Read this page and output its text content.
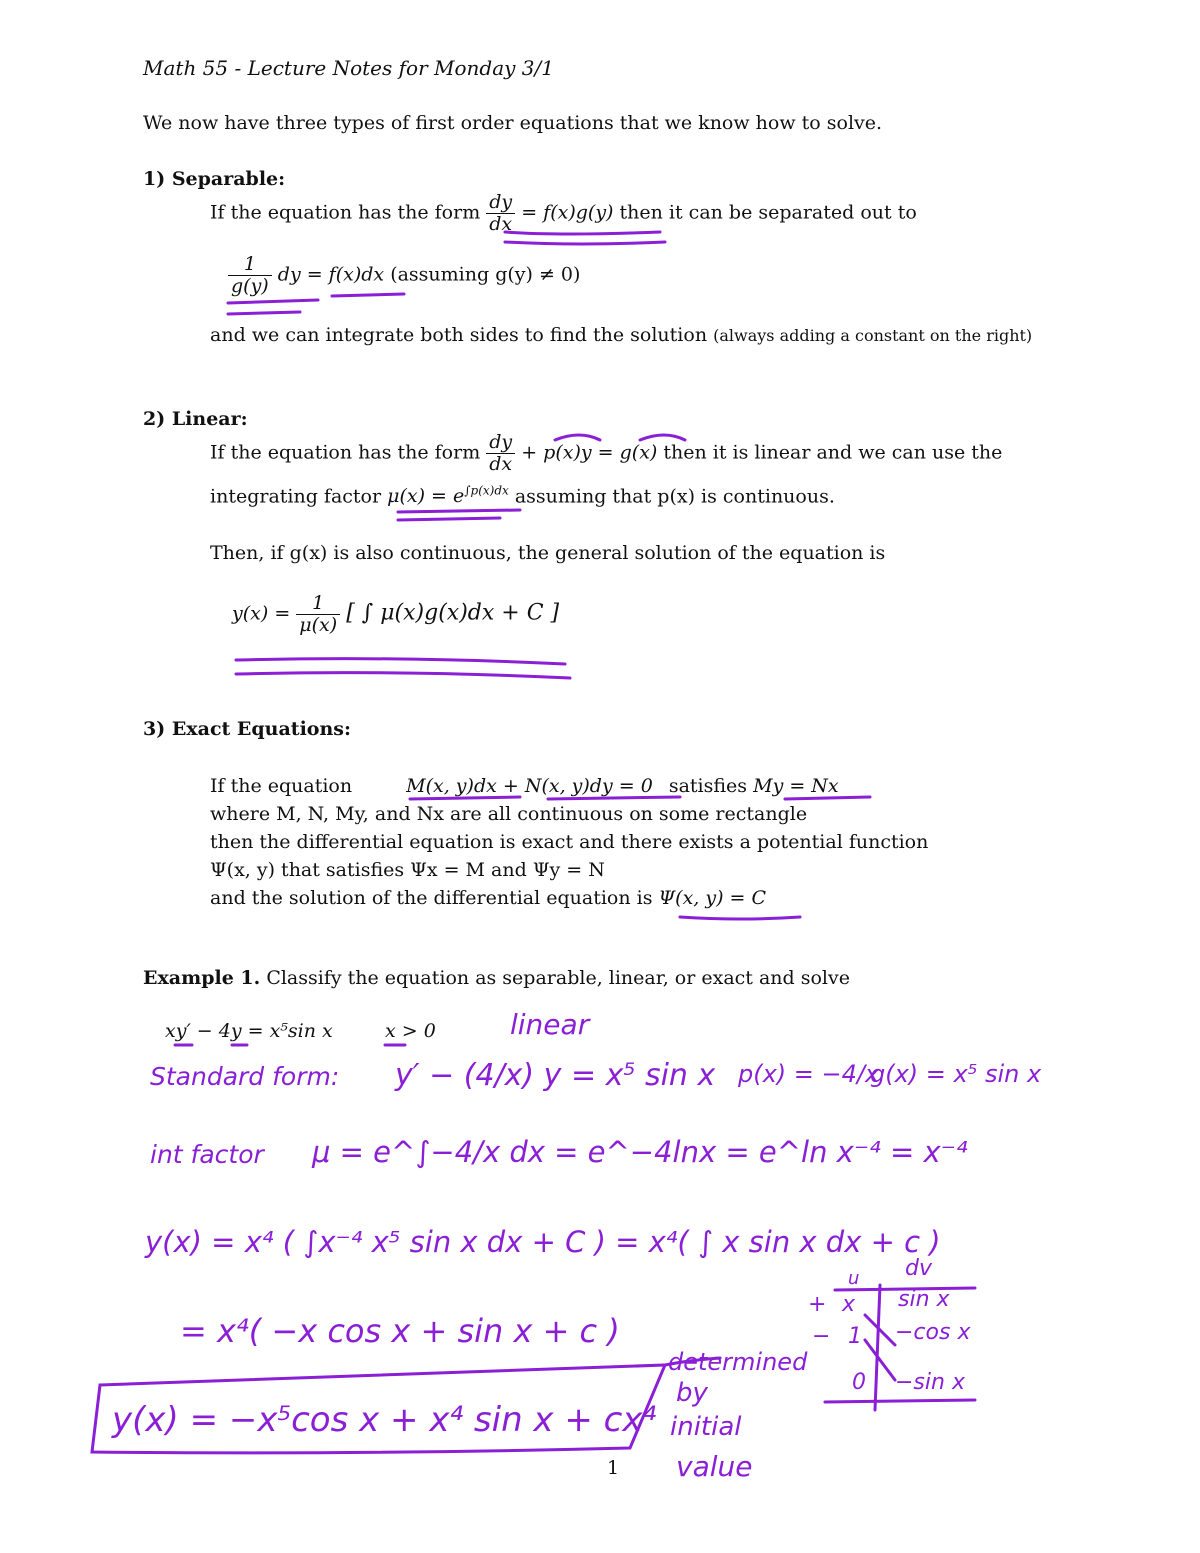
Math 55 - Lecture Notes for Monday 3/1
We now have three types of first order equations that we know how to solve.
1) Separable:
If the equation has the form $\frac{dy}{dx} = f(x)g(y)$ then it can be separated out to
$\frac{1}{g(y)}$ dy = f(x)dx (assuming g(y) ≠ 0)
and we can integrate both sides to find the solution (always adding a constant on the right)
2) Linear:
If the equation has the form $\frac{dy}{dx} + p(x)y = g(x)$ then it is linear and we can use the
integrating factor $\mu(x) = e^{\int p(x)dx}$ assuming that p(x) is continuous.
Then, if g(x) is also continuous, the general solution of the equation is
$y(x) = \frac{1}{\mu(x)}$ [ ∫ μ(x)g(x)dx + C ]
3) Exact Equations:
If the equation	M(x, y)dx + N(x, y)dy = 0 satisfies My = Nx
where M, N, My, and Nx are all continuous on some rectangle
then the differential equation is exact and there exists a potential function
Ψ(x, y) that satisfies Ψx = M and Ψy = N
and the solution of the differential equation is Ψ(x, y) = C
Example 1. Classify the equation as separable, linear, or exact and solve
xy′ − 4y = x⁵sin x	x > 0	linear
Standard form: y′ − (4/x) y = x⁵ sin x p(x) = −4/x
g(x) = x⁵ sin x
int factor μ = e^∫−4/x dx = e^−4lnx = e^ln x⁻⁴ = x⁻⁴
y(x) = x⁴ ( ∫x⁻⁴ x⁵ sin x dx + C ) = x⁴( ∫ x sin x dx + c )
= x⁴( −x cos x + sin x + c )
y(x) = −x⁵cos x + x⁴ sin x + cx⁴
u dv
+ x sin x
− 1 −cos x
0 −sin x
determined
by
initial
value
1
